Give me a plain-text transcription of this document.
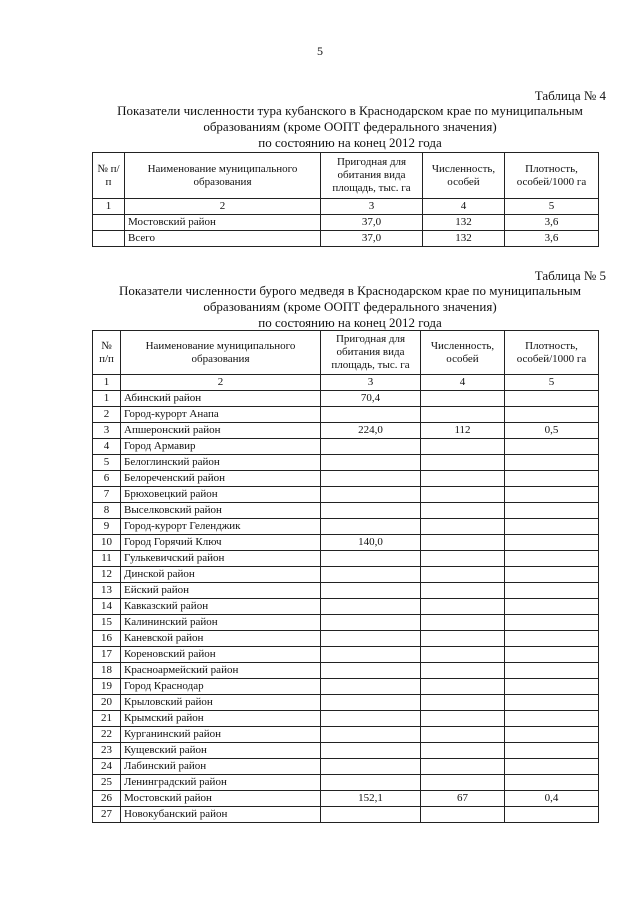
5
Таблица № 4
Показатели численности тура кубанского в Краснодарском крае по муниципальным
образованиям (кроме ООПТ федерального значения)
по состоянию на конец 2012 года
№ п/п	Наименование муниципального образования	Пригодная для обитания вида площадь, тыс. га	Численность, особей	Плотность, особей/1000 га
1	2	3	4	5
	Мостовский район	37,0	132	3,6
	Всего	37,0	132	3,6
Таблица № 5
Показатели численности бурого медведя в Краснодарском крае по муниципальным
образованиям (кроме ООПТ федерального значения)
по состоянию на конец 2012 года
№ п/п	Наименование муниципального образования	Пригодная для обитания вида площадь, тыс. га	Численность, особей	Плотность, особей/1000 га
1	2	3	4	5
1	Абинский район	70,4		
2	Город-курорт Анапа			
3	Апшеронский район	224,0	112	0,5
4	Город Армавир			
5	Белоглинский район			
6	Белореченский район			
7	Брюховецкий район			
8	Выселковский район			
9	Город-курорт Геленджик			
10	Город Горячий Ключ	140,0		
11	Гулькевичский район			
12	Динской район			
13	Ейский район			
14	Кавказский район			
15	Калининский район			
16	Каневской район			
17	Кореновский район			
18	Красноармейский район			
19	Город Краснодар			
20	Крыловский район			
21	Крымский район			
22	Курганинский район			
23	Кущевский район			
24	Лабинский район			
25	Ленинградский район			
26	Мостовский район	152,1	67	0,4
27	Новокубанский район			
